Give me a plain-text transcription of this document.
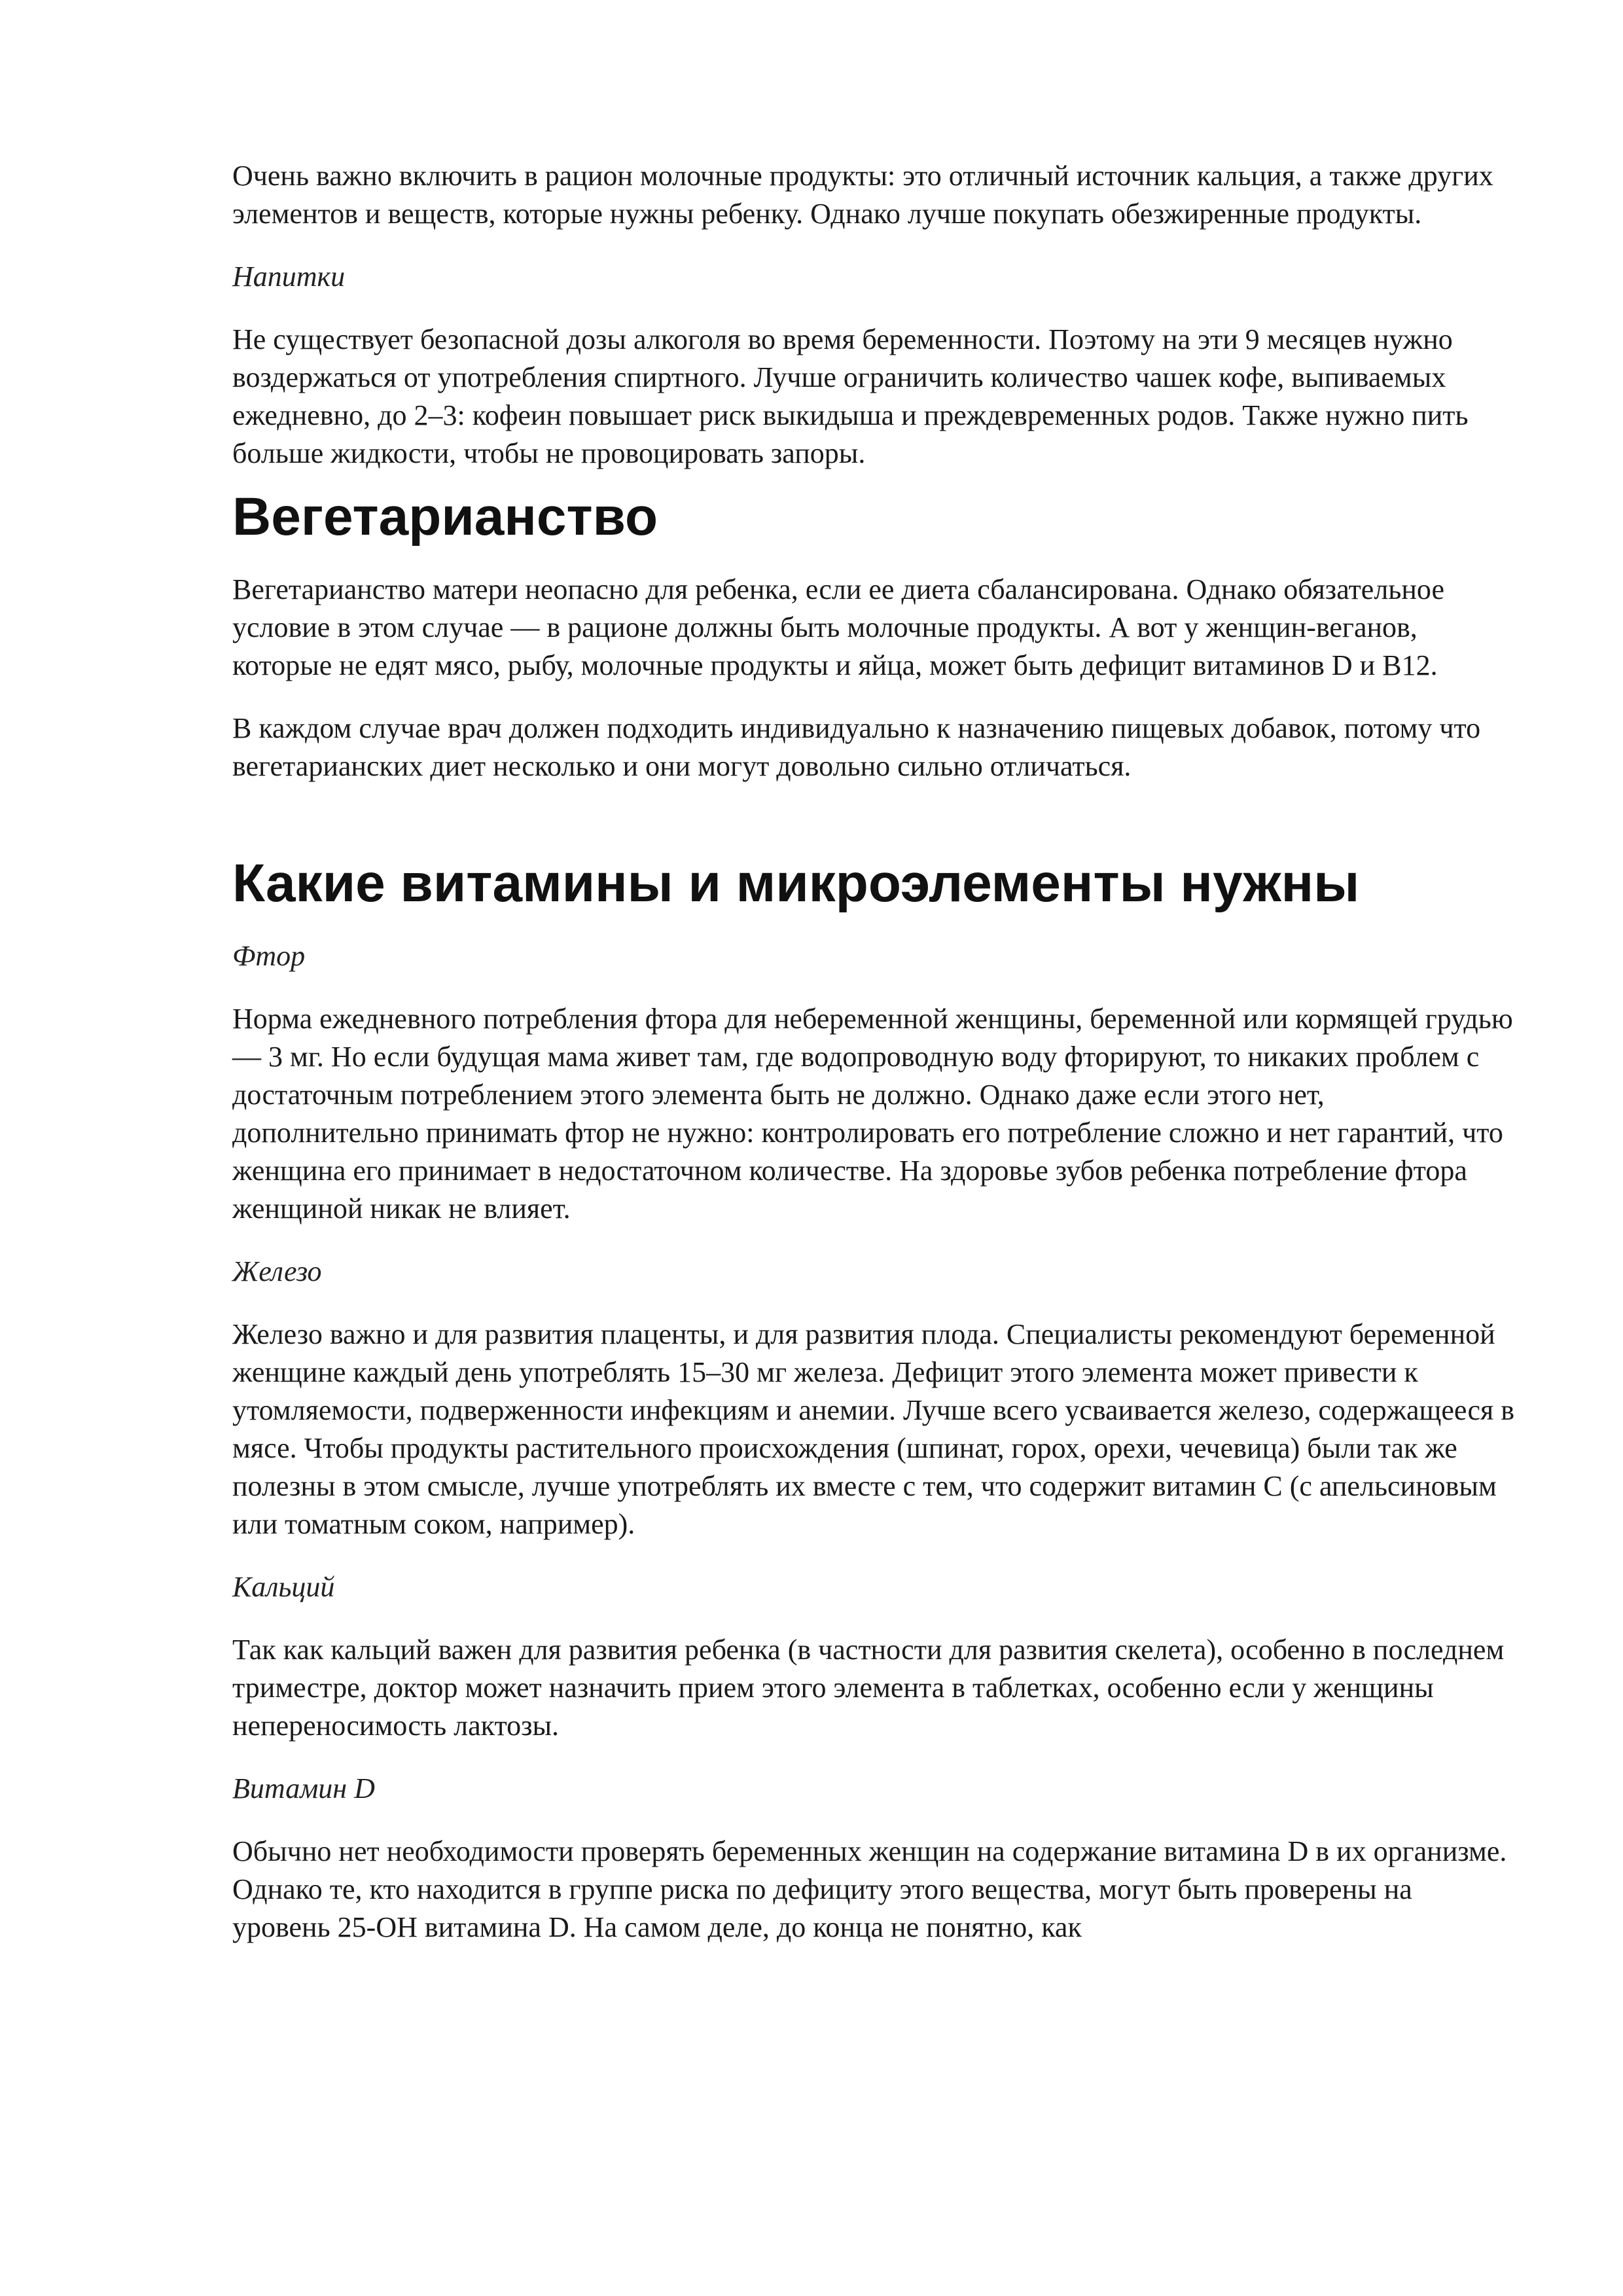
Очень важно включить в рацион молочные продукты: это отличный источник кальция, а также других элементов и веществ, которые нужны ребенку. Однако лучше покупать обезжиренные продукты.

Напитки

Не существует безопасной дозы алкоголя во время беременности. Поэтому на эти 9 месяцев нужно воздержаться от употребления спиртного. Лучше ограничить количество чашек кофе, выпиваемых ежедневно, до 2–3: кофеин повышает риск выкидыша и преждевременных родов. Также нужно пить больше жидкости, чтобы не провоцировать запоры.

Вегетарианство

Вегетарианство матери неопасно для ребенка, если ее диета сбалансирована. Однако обязательное условие в этом случае — в рационе должны быть молочные продукты. А вот у женщин-веганов, которые не едят мясо, рыбу, молочные продукты и яйца, может быть дефицит витаминов D и B12.

В каждом случае врач должен подходить индивидуально к назначению пищевых добавок, потому что вегетарианских диет несколько и они могут довольно сильно отличаться.

Какие витамины и микроэлементы нужны

Фтор

Норма ежедневного потребления фтора для небеременной женщины, беременной или кормящей грудью — 3 мг. Но если будущая мама живет там, где водопроводную воду фторируют, то никаких проблем с достаточным потреблением этого элемента быть не должно. Однако даже если этого нет, дополнительно принимать фтор не нужно: контролировать его потребление сложно и нет гарантий, что женщина его принимает в недостаточном количестве. На здоровье зубов ребенка потребление фтора женщиной никак не влияет.

Железо

Железо важно и для развития плаценты, и для развития плода. Специалисты рекомендуют беременной женщине каждый день употреблять 15–30 мг железа. Дефицит этого элемента может привести к утомляемости, подверженности инфекциям и анемии. Лучше всего усваивается железо, содержащееся в мясе. Чтобы продукты растительного происхождения (шпинат, горох, орехи, чечевица) были так же полезны в этом смысле, лучше употреблять их вместе с тем, что содержит витамин С (с апельсиновым или томатным соком, например).

Кальций

Так как кальций важен для развития ребенка (в частности для развития скелета), особенно в последнем триместре, доктор может назначить прием этого элемента в таблетках, особенно если у женщины непереносимость лактозы.

Витамин D

Обычно нет необходимости проверять беременных женщин на содержание витамина D в их организме. Однако те, кто находится в группе риска по дефициту этого вещества, могут быть проверены на уровень 25-OH витамина D. На самом деле, до конца не понятно, как
